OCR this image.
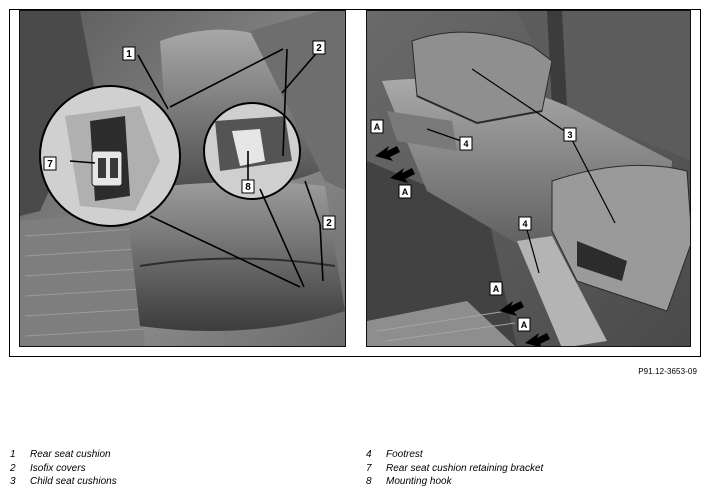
1
2
2
7
8
A
A
3
4
4
A
A
P91.12-3653-09
1 Rear seat cushion
2 Isofix covers
3 Child seat cushions
4 Footrest
7 Rear seat cushion retaining bracket
8 Mounting hook
